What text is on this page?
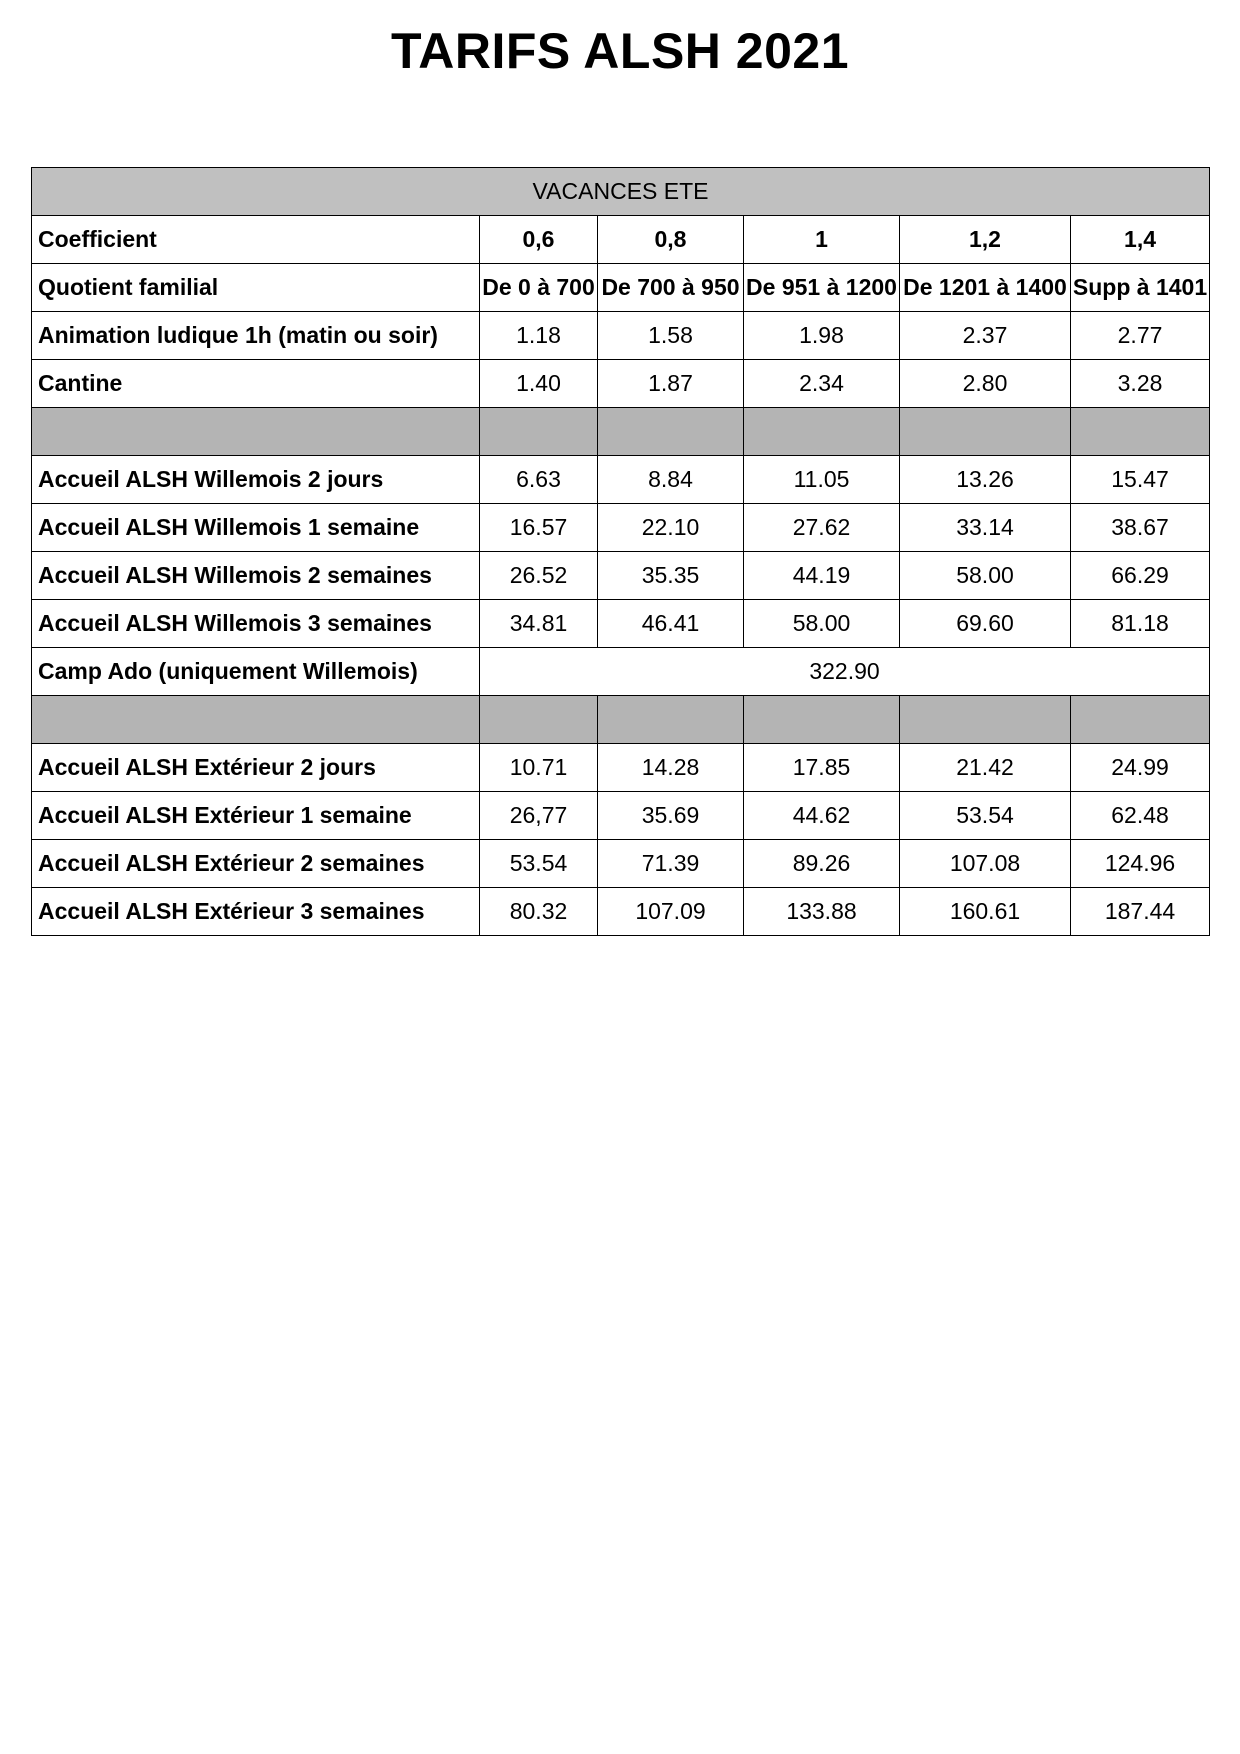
TARIFS ALSH 2021
VACANCES ETE					
Coefficient	0,6	0,8	1	1,2	1,4
Quotient familial	De 0 à 700	De 700 à 950	De 951 à 1200	De 1201 à 1400	Supp à 1401
Animation ludique 1h (matin ou soir)	1.18	1.58	1.98	2.37	2.77
Cantine	1.40	1.87	2.34	2.80	3.28

Accueil ALSH Willemois 2 jours	6.63	8.84	11.05	13.26	15.47
Accueil ALSH Willemois 1 semaine	16.57	22.10	27.62	33.14	38.67
Accueil ALSH Willemois 2 semaines	26.52	35.35	44.19	58.00	66.29
Accueil ALSH Willemois 3 semaines	34.81	46.41	58.00	69.60	81.18
Camp Ado (uniquement Willemois)	322.90				

Accueil ALSH Extérieur 2 jours	10.71	14.28	17.85	21.42	24.99
Accueil ALSH Extérieur 1 semaine	26,77	35.69	44.62	53.54	62.48
Accueil ALSH Extérieur 2 semaines	53.54	71.39	89.26	107.08	124.96
Accueil ALSH Extérieur 3 semaines	80.32	107.09	133.88	160.61	187.44
